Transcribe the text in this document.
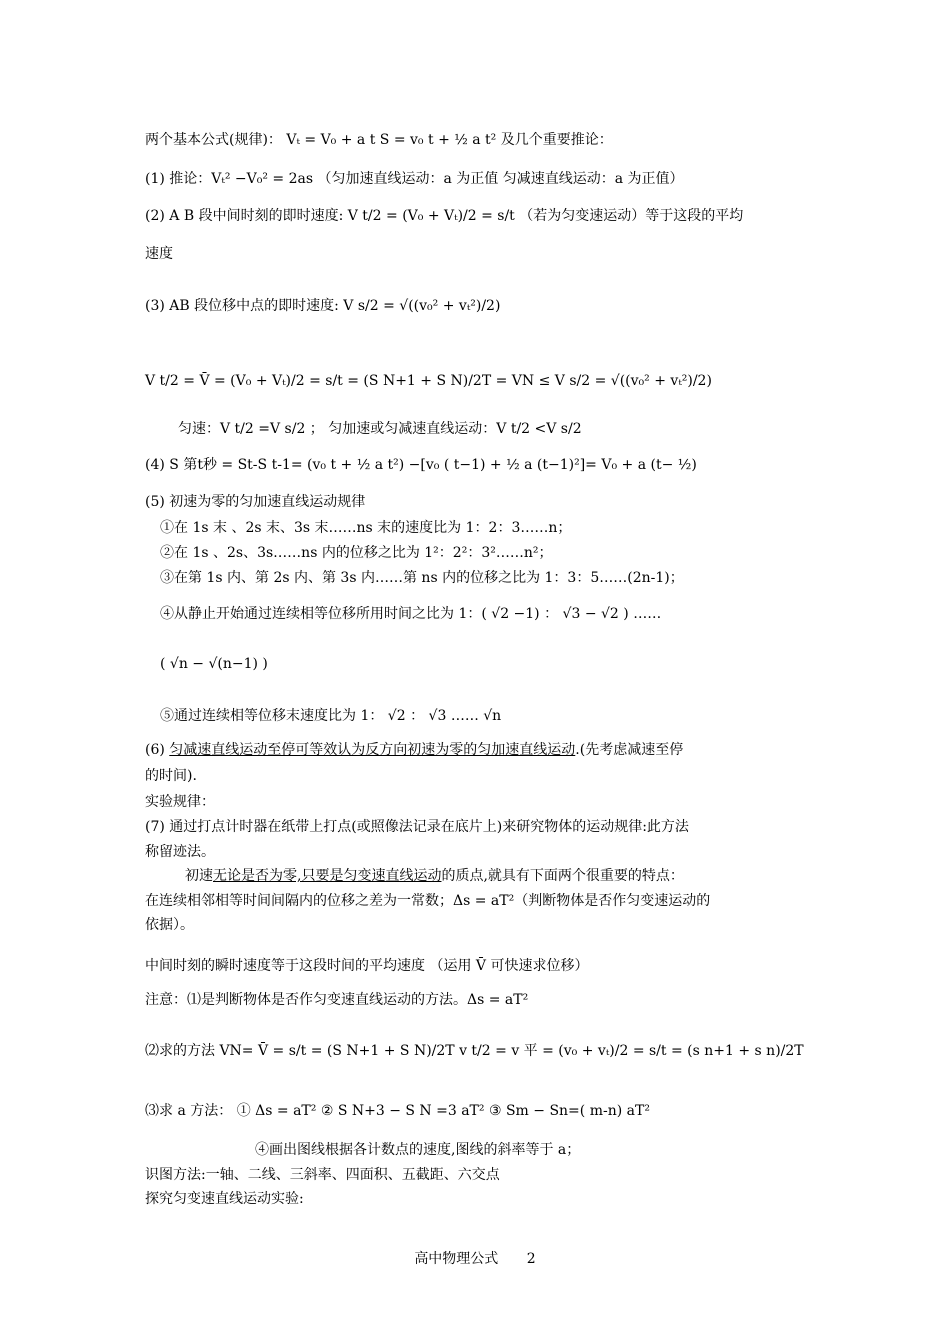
两个基本公式(规律)： Vₜ = V₀ + a t S = v₀ t + ½ a t² 及几个重要推论：
(1) 推论：Vₜ² −V₀² = 2as （匀加速直线运动：a 为正值 匀减速直线运动：a 为正值）
(2) A B 段中间时刻的即时速度: V t/2 = (V₀ + Vₜ)/2 = s/t （若为匀变速运动）等于这段的平均
速度
(3) AB 段位移中点的即时速度: V s/2 = √((v₀² + vₜ²)/2)
V t/2 = V̄ = (V₀ + Vₜ)/2 = s/t = (S N+1 + S N)/2T = VN ≤ V s/2 = √((v₀² + vₜ²)/2)
匀速：V t/2 =V s/2 ； 匀加速或匀减速直线运动：V t/2 <V s/2
(4) S 第t秒 = St-S t-1= (v₀ t + ½ a t²) −[v₀ ( t−1) + ½ a (t−1)²]= V₀ + a (t− ½)
(5) 初速为零的匀加速直线运动规律
①在 1s 末 、2s 末、3s 末……ns 末的速度比为 1：2：3……n；
②在 1s 、2s、3s……ns 内的位移之比为 1²：2²：3²……n²；
③在第 1s 内、第 2s 内、第 3s 内……第 ns 内的位移之比为 1：3：5……(2n-1)；
④从静止开始通过连续相等位移所用时间之比为 1：( √2 −1) ： √3 − √2 ) ……
( √n − √(n−1) )
⑤通过连续相等位移末速度比为 1： √2 ： √3 …… √n
(6) 匀减速直线运动至停可等效认为反方向初速为零的匀加速直线运动.(先考虑减速至停
的时间).
实验规律：
(7) 通过打点计时器在纸带上打点(或照像法记录在底片上)来研究物体的运动规律:此方法
称留迹法。
初速无论是否为零,只要是匀变速直线运动的质点,就具有下面两个很重要的特点：
在连续相邻相等时间间隔内的位移之差为一常数；Δs = aT²（判断物体是否作匀变速运动的
依据）。
中间时刻的瞬时速度等于这段时间的平均速度 （运用 V̄ 可快速求位移）
注意：⑴是判断物体是否作匀变速直线运动的方法。Δs = aT²
⑵求的方法 VN= V̄ = s/t = (S N+1 + S N)/2T v t/2 = v 平 = (v₀ + vₜ)/2 = s/t = (s n+1 + s n)/2T
⑶求 a 方法： ① Δs = aT² ② S N+3 − S N =3 aT² ③ Sm − Sn=( m-n) aT²
④画出图线根据各计数点的速度,图线的斜率等于 a；
识图方法:一轴、二线、三斜率、四面积、五截距、六交点
探究匀变速直线运动实验:
高中物理公式 2
